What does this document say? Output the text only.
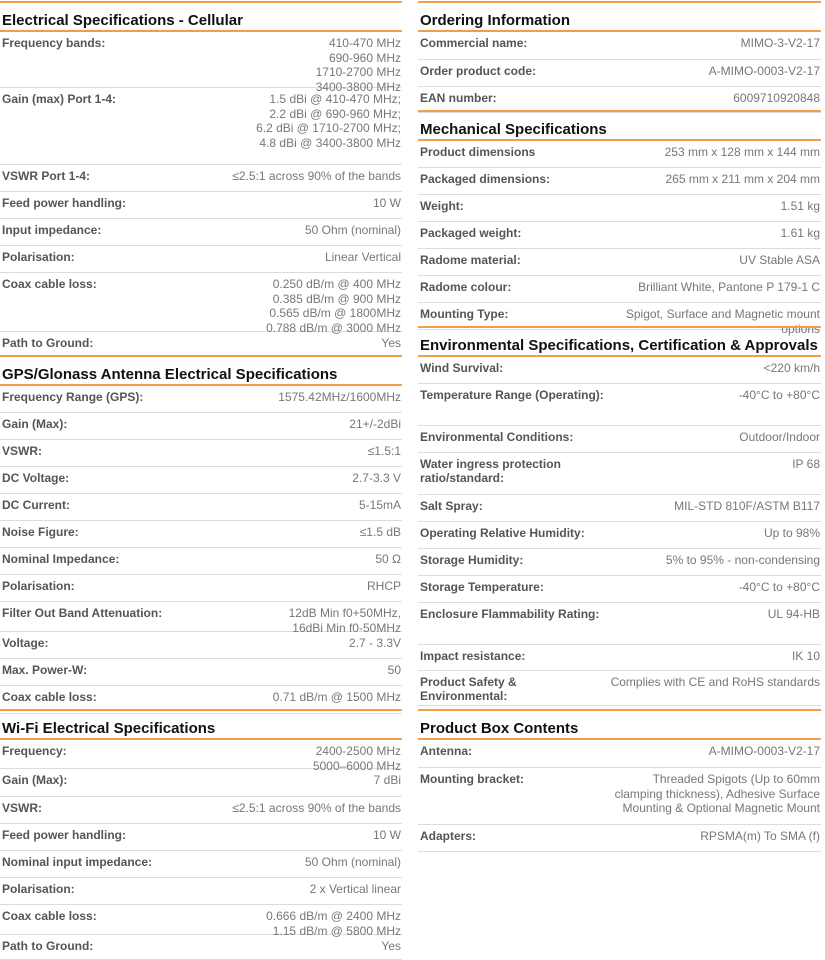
Electrical Specifications - Cellular
Frequency bands:	410-470 MHz
690-960 MHz
1710-2700 MHz
3400-3800 MHz
Gain (max) Port 1-4:	1.5 dBi @ 410-470 MHz;
2.2 dBi @ 690-960 MHz;
6.2 dBi @ 1710-2700 MHz;
4.8 dBi @ 3400-3800 MHz
VSWR Port 1-4:	≤2.5:1 across 90% of the bands
Feed power handling:	10 W
Input impedance:	50 Ohm (nominal)
Polarisation:	Linear Vertical
Coax cable loss:	0.250 dB/m @ 400 MHz
0.385 dB/m @ 900 MHz
0.565 dB/m @ 1800MHz
0.788 dB/m @ 3000 MHz
Path to Ground:	Yes
GPS/Glonass Antenna Electrical Specifications
Frequency Range (GPS):	1575.42MHz/1600MHz
Gain (Max):	21+/-2dBi
VSWR:	≤1.5:1
DC Voltage:	2.7-3.3 V
DC Current:	5-15mA
Noise Figure:	≤1.5 dB
Nominal Impedance:	50 Ω
Polarisation:	RHCP
Filter Out Band Attenuation:	12dB Min f0+50MHz,
16dBi Min f0-50MHz
Voltage:	2.7 - 3.3V
Max. Power-W:	50
Coax cable loss:	0.71 dB/m @ 1500 MHz
Wi-Fi Electrical Specifications
Frequency:	2400-2500 MHz
5000–6000 MHz
Gain (Max):	7 dBi
VSWR:	≤2.5:1 across 90% of the bands
Feed power handling:	10 W
Nominal input impedance:	50 Ohm (nominal)
Polarisation:	2 x Vertical linear
Coax cable loss:	0.666 dB/m @ 2400 MHz
1.15 dB/m @ 5800 MHz
Path to Ground:	Yes
Ordering Information
Commercial name:	MIMO-3-V2-17
Order product code:	A-MIMO-0003-V2-17
EAN number:	6009710920848
Mechanical Specifications
Product dimensions	253 mm x 128 mm x 144 mm
Packaged dimensions:	265 mm x 211 mm x 204 mm
Weight:	1.51 kg
Packaged weight:	1.61 kg
Radome material:	UV Stable ASA
Radome colour:	Brilliant White, Pantone P 179-1 C
Mounting Type:	Spigot, Surface and Magnetic mount options
Environmental Specifications, Certification & Approvals
Wind Survival:	<220 km/h
Temperature Range (Operating):	-40°C to +80°C
Environmental Conditions:	Outdoor/Indoor
Water ingress protection ratio/standard:
IP 68
Salt Spray:	MIL-STD 810F/ASTM B117
Operating Relative Humidity:	Up to 98%
Storage Humidity:	5% to 95% - non-condensing
Storage Temperature:	-40°C to +80°C
Enclosure Flammability Rating:	UL 94-HB
Impact resistance:	IK 10
Product Safety & Environmental:
Complies with CE and RoHS standards
Product Box Contents
Antenna:	A-MIMO-0003-V2-17
Mounting bracket:	Threaded Spigots (Up to 60mm
clamping thickness), Adhesive Surface
Mounting & Optional Magnetic Mount
Adapters:	RPSMA(m) To SMA (f)
